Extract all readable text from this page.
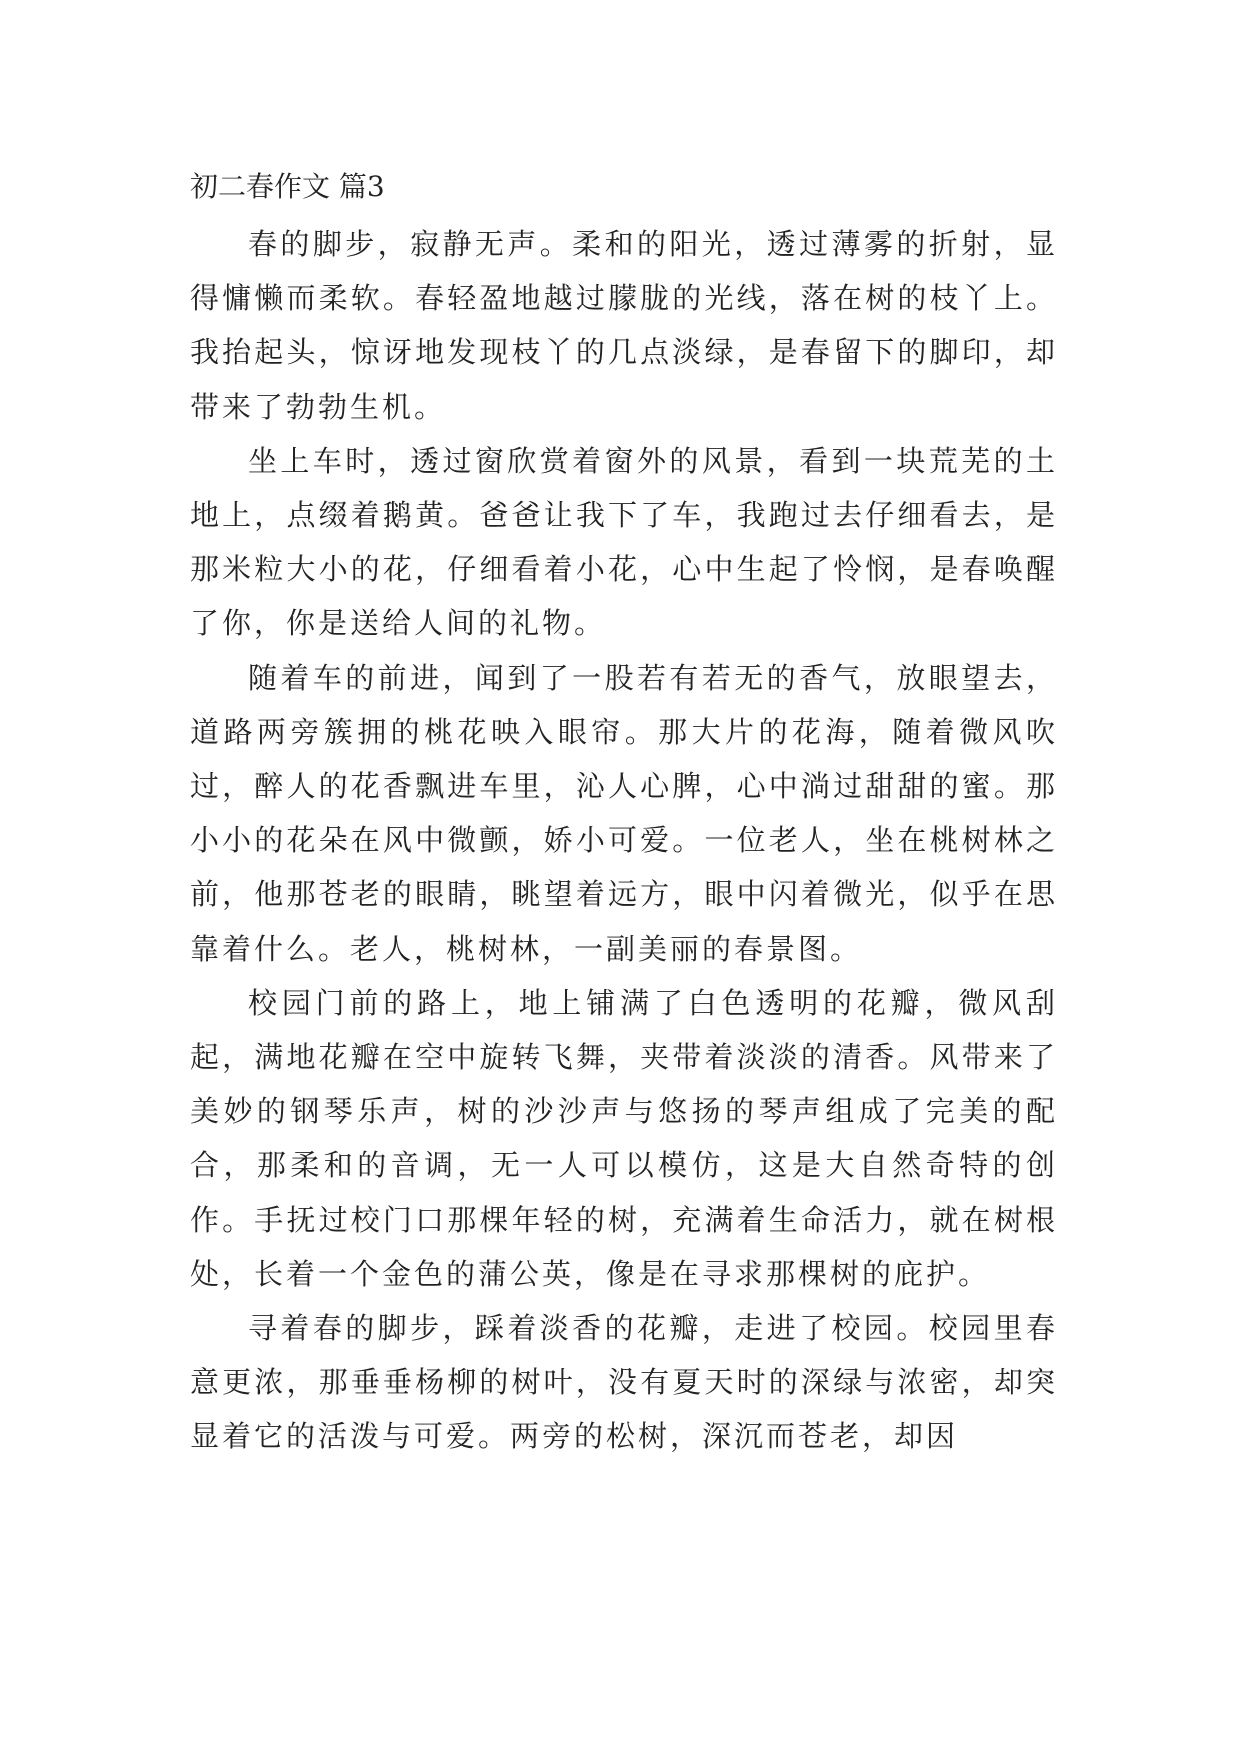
初二春作文 篇3

春的脚步，寂静无声。柔和的阳光，透过薄雾的折射，显得慵懒而柔软。春轻盈地越过朦胧的光线，落在树的枝丫上。我抬起头，惊讶地发现枝丫的几点淡绿，是春留下的脚印，却带来了勃勃生机。

坐上车时，透过窗欣赏着窗外的风景，看到一块荒芜的土地上，点缀着鹅黄。爸爸让我下了车，我跑过去仔细看去，是那米粒大小的花，仔细看着小花，心中生起了怜悯，是春唤醒了你，你是送给人间的礼物。

随着车的前进，闻到了一股若有若无的香气，放眼望去，道路两旁簇拥的桃花映入眼帘。那大片的花海，随着微风吹过，醉人的花香飘进车里，沁人心脾，心中淌过甜甜的蜜。那小小的花朵在风中微颤，娇小可爱。一位老人，坐在桃树林之前，他那苍老的眼睛，眺望着远方，眼中闪着微光，似乎在思靠着什么。老人，桃树林，一副美丽的春景图。

校园门前的路上，地上铺满了白色透明的花瓣，微风刮起，满地花瓣在空中旋转飞舞，夹带着淡淡的清香。风带来了美妙的钢琴乐声，树的沙沙声与悠扬的琴声组成了完美的配合，那柔和的音调，无一人可以模仿，这是大自然奇特的创作。手抚过校门口那棵年轻的树，充满着生命活力，就在树根处，长着一个金色的蒲公英，像是在寻求那棵树的庇护。

寻着春的脚步，踩着淡香的花瓣，走进了校园。校园里春意更浓，那垂垂杨柳的树叶，没有夏天时的深绿与浓密，却突显着它的活泼与可爱。两旁的松树，深沉而苍老，却因
